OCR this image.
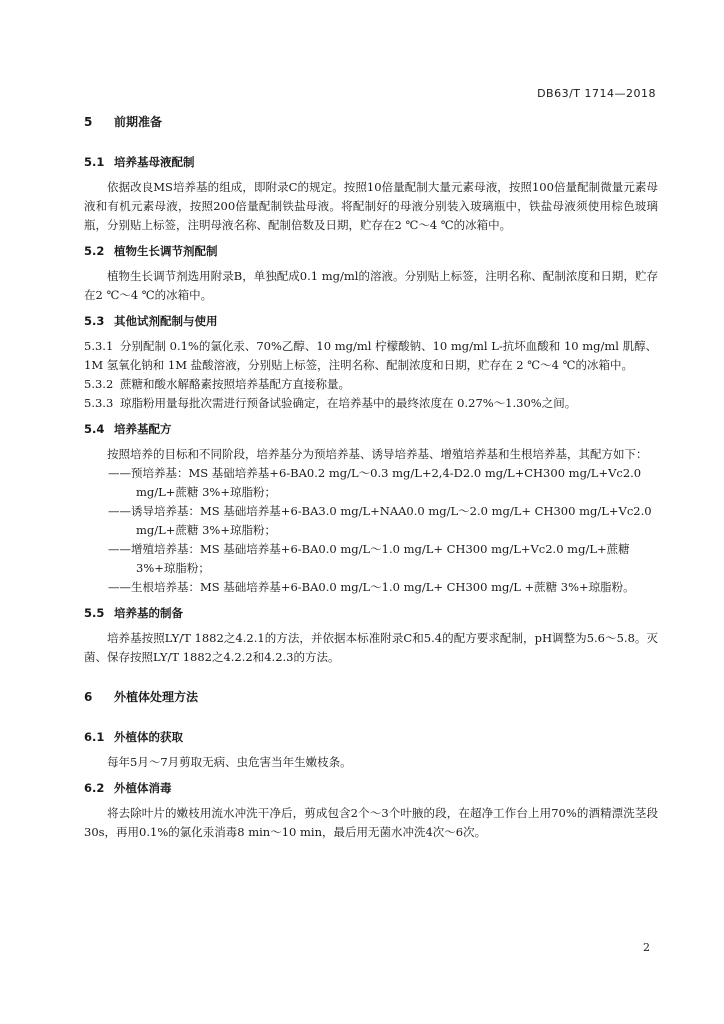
DB63/T 1714—2018
5 前期准备
5.1 培养基母液配制

依据改良MS培养基的组成，即附录C的规定。按照10倍量配制大量元素母液，按照100倍量配制微量元素母液和有机元素母液，按照200倍量配制铁盐母液。将配制好的母液分别装入玻璃瓶中，铁盐母液须使用棕色玻璃瓶，分别贴上标签，注明母液名称、配制倍数及日期，贮存在2 ℃～4 ℃的冰箱中。

5.2 植物生长调节剂配制

植物生长调节剂选用附录B，单独配成0.1 mg/ml的溶液。分别贴上标签，注明名称、配制浓度和日期，贮存在2 ℃～4 ℃的冰箱中。

5.3 其他试剂配制与使用

5.3.1 分别配制 0.1%的氯化汞、70%乙醇、10 mg/ml 柠檬酸钠、10 mg/ml L-抗坏血酸和 10 mg/ml 肌醇、1M 氢氧化钠和 1M 盐酸溶液，分别贴上标签，注明名称、配制浓度和日期，贮存在 2 ℃～4 ℃的冰箱中。

5.3.2 蔗糖和酸水解酪素按照培养基配方直接称量。

5.3.3 琼脂粉用量每批次需进行预备试验确定，在培养基中的最终浓度在 0.27%～1.30%之间。

5.4 培养基配方

按照培养的目标和不同阶段，培养基分为预培养基、诱导培养基、增殖培养基和生根培养基，其配方如下：

——预培养基：MS 基础培养基+6-BA0.2 mg/L～0.3 mg/L+2,4-D2.0 mg/L+CH300 mg/L+Vc2.0 mg/L+蔗糖 3%+琼脂粉；

——诱导培养基：MS 基础培养基+6-BA3.0 mg/L+NAA0.0 mg/L～2.0 mg/L+ CH300 mg/L+Vc2.0 mg/L+蔗糖 3%+琼脂粉；

——增殖培养基：MS 基础培养基+6-BA0.0 mg/L～1.0 mg/L+ CH300 mg/L+Vc2.0 mg/L+蔗糖 3%+琼脂粉；

——生根培养基：MS 基础培养基+6-BA0.0 mg/L～1.0 mg/L+ CH300 mg/L +蔗糖 3%+琼脂粉。

5.5 培养基的制备

培养基按照LY/T 1882之4.2.1的方法，并依据本标准附录C和5.4的配方要求配制，pH调整为5.6～5.8。灭菌、保存按照LY/T 1882之4.2.2和4.2.3的方法。

6 外植体处理方法
6.1 外植体的获取

每年5月～7月剪取无病、虫危害当年生嫩枝条。

6.2 外植体消毒

将去除叶片的嫩枝用流水冲洗干净后，剪成包含2个～3个叶腋的段，在超净工作台上用70%的酒精漂洗茎段30s，再用0.1%的氯化汞消毒8 min～10 min，最后用无菌水冲洗4次～6次。

2
